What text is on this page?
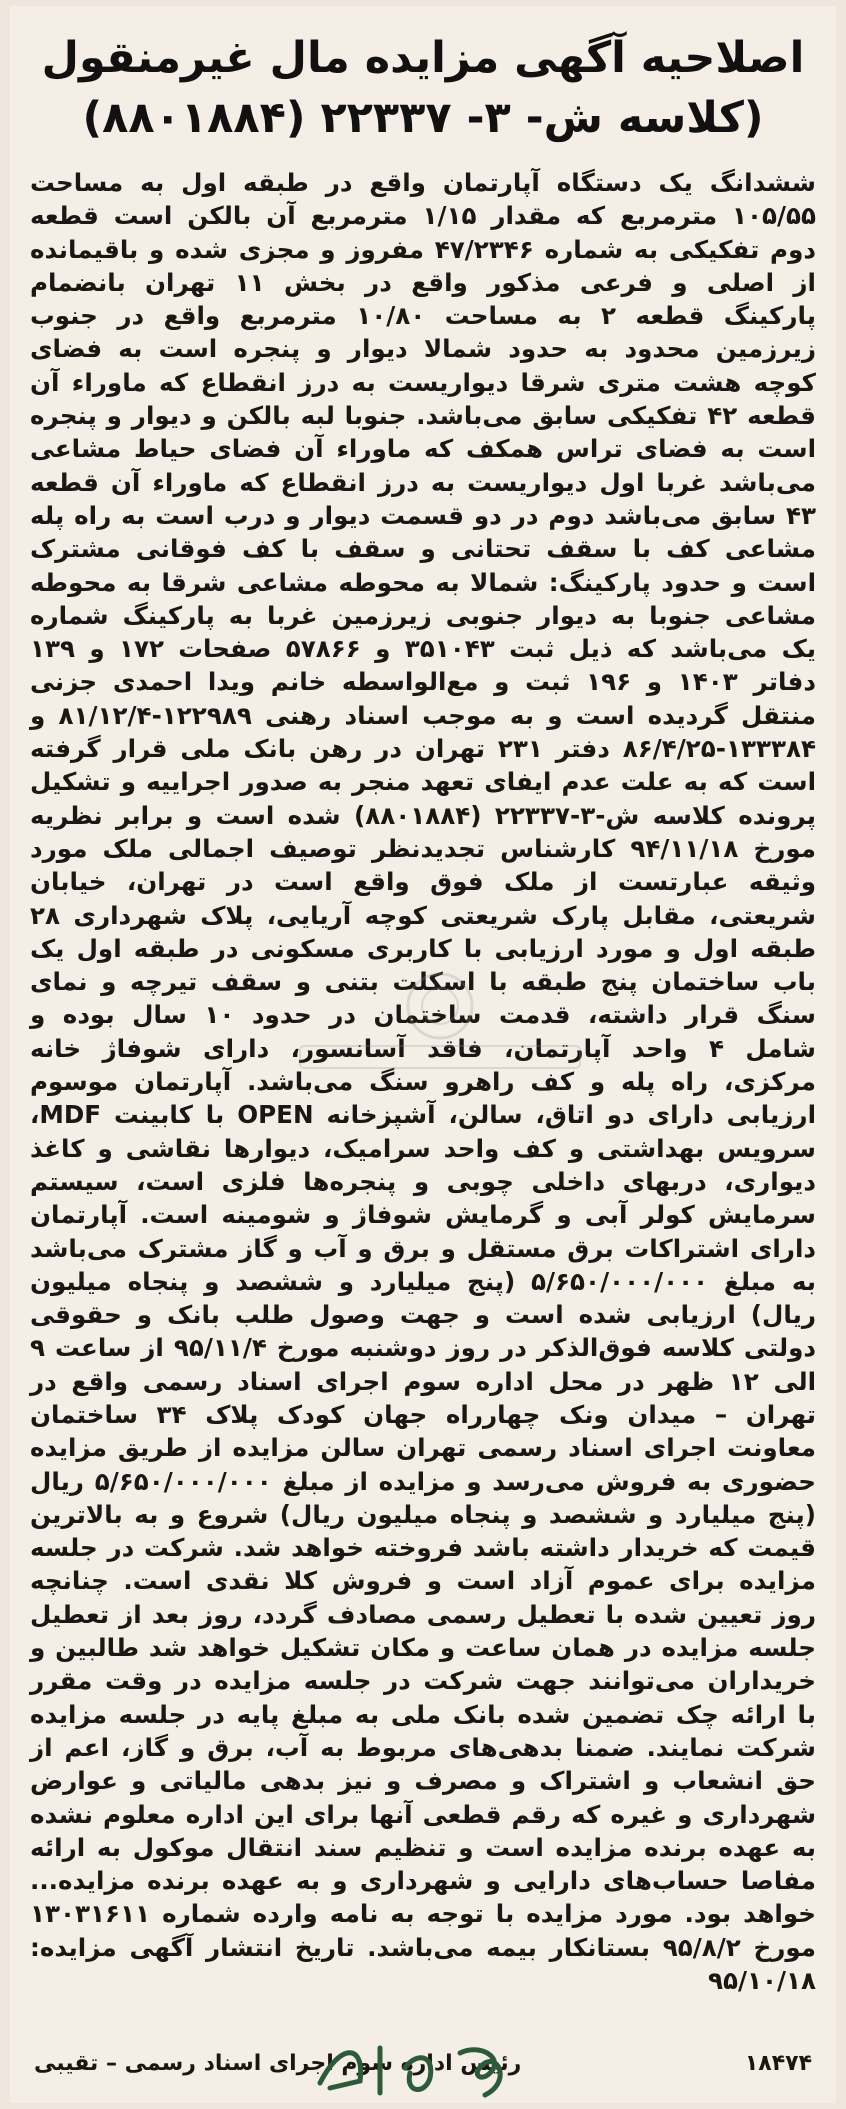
اصلاحیه آگهی مزایده مال غیرمنقول
(کلاسه ش- ۳- ۲۲۳۳۷ (۸۸۰۱۸۸۴)
ششدانگ یک دستگاه آپارتمان واقع در طبقه اول به مساحت ۱۰۵/۵۵ مترمربع که مقدار ۱/۱۵ مترمربع آن بالکن است قطعه دوم تفکیکی به شماره ۴۷/۲۳۴۶ مفروز و مجزی شده و باقیمانده از اصلی و فرعی مذکور واقع در بخش ۱۱ تهران بانضمام پارکینگ قطعه ۲ به مساحت ۱۰/۸۰ مترمربع واقع در جنوب زیرزمین محدود به حدود شمالا دیوار و پنجره است به فضای کوچه هشت متری شرقا دیواریست به درز انقطاع که ماوراء آن قطعه ۴۲ تفکیکی سابق می‌باشد. جنوبا لبه بالکن و دیوار و پنجره است به فضای تراس همکف که ماوراء آن فضای حیاط مشاعی می‌باشد غربا اول دیواریست به درز انقطاع که ماوراء آن قطعه ۴۳ سابق می‌باشد دوم در دو قسمت دیوار و درب است به راه پله مشاعی کف با سقف تحتانی و سقف با کف فوقانی مشترک است و حدود پارکینگ: شمالا به محوطه مشاعی شرقا به محوطه مشاعی جنوبا به دیوار جنوبی زیرزمین غربا به پارکینگ شماره یک می‌باشد که ذیل ثبت ۳۵۱۰۴۳ و ۵۷۸۶۶ صفحات ۱۷۲ و ۱۳۹ دفاتر ۱۴۰۳ و ۱۹۶ ثبت و مع‌الواسطه خانم ویدا احمدی جزنی منتقل گردیده است و به موجب اسناد رهنی ۱۲۲۹۸۹-۸۱/۱۲/۴ و ۱۳۳۳۸۴-۸۶/۴/۲۵ دفتر ۲۳۱ تهران در رهن بانک ملی قرار گرفته است که به علت عدم ایفای تعهد منجر به صدور اجراییه و تشکیل پرونده کلاسه ش-۳-۲۲۳۳۷ (۸۸۰۱۸۸۴) شده است و برابر نظریه مورخ ۹۴/۱۱/۱۸ کارشناس تجدیدنظر توصیف اجمالی ملک مورد وثیقه عبارتست از ملک فوق واقع است در تهران، خیابان شریعتی، مقابل پارک شریعتی کوچه آریایی، پلاک شهرداری ۲۸ طبقه اول و مورد ارزیابی با کاربری مسکونی در طبقه اول یک باب ساختمان پنج طبقه با اسکلت بتنی و سقف تیرچه و نمای سنگ قرار داشته، قدمت ساختمان در حدود ۱۰ سال بوده و شامل ۴ واحد آپارتمان، فاقد آسانسور، دارای شوفاژ خانه مرکزی، راه پله و کف راهرو سنگ می‌باشد. آپارتمان موسوم ارزیابی دارای دو اتاق، سالن، آشپزخانه OPEN با کابینت MDF، سرویس بهداشتی و کف واحد سرامیک، دیوارها نقاشی و کاغذ دیواری، دربهای داخلی چوبی و پنجره‌ها فلزی است، سیستم سرمایش کولر آبی و گرمایش شوفاژ و شومینه است. آپارتمان دارای اشتراکات برق مستقل و برق و آب و گاز مشترک می‌باشد به مبلغ ۵/۶۵۰/۰۰۰/۰۰۰ (پنج میلیارد و ششصد و پنجاه میلیون ریال) ارزیابی شده است و جهت وصول طلب بانک و حقوقی دولتی کلاسه فوق‌الذکر در روز دوشنبه مورخ ۹۵/۱۱/۴ از ساعت ۹ الی ۱۲ ظهر در محل اداره سوم اجرای اسناد رسمی واقع در تهران – میدان ونک چهارراه جهان کودک پلاک ۳۴ ساختمان معاونت اجرای اسناد رسمی تهران سالن مزایده از طریق مزایده حضوری به فروش می‌رسد و مزایده از مبلغ ۵/۶۵۰/۰۰۰/۰۰۰ ریال (پنج میلیارد و ششصد و پنجاه میلیون ریال) شروع و به بالاترین قیمت که خریدار داشته باشد فروخته خواهد شد. شرکت در جلسه مزایده برای عموم آزاد است و فروش کلا نقدی است. چنانچه روز تعیین شده با تعطیل رسمی مصادف گردد، روز بعد از تعطیل جلسه مزایده در همان ساعت و مکان تشکیل خواهد شد طالبین و خریداران می‌توانند جهت شرکت در جلسه مزایده در وقت مقرر با ارائه چک تضمین شده بانک ملی به مبلغ پایه در جلسه مزایده شرکت نمایند. ضمنا بدهی‌های مربوط به آب، برق و گاز، اعم از حق انشعاب و اشتراک و مصرف و نیز بدهی مالیاتی و عوارض شهرداری و غیره که رقم قطعی آنها برای این اداره معلوم نشده به عهده برنده مزایده است و تنظیم سند انتقال موکول به ارائه مفاصا حساب‌های دارایی و شهرداری و به عهده برنده مزایده... خواهد بود. مورد مزایده با توجه به نامه وارده شماره ۱۳۰۳۱۶۱۱ مورخ ۹۵/۸/۲ بستانکار بیمه می‌باشد. تاریخ انتشار آگهی مزایده: ۹۵/۱۰/۱۸
۱۸۴۷۴
رئیس اداره سوم اجرای اسناد رسمی – تقیبی
